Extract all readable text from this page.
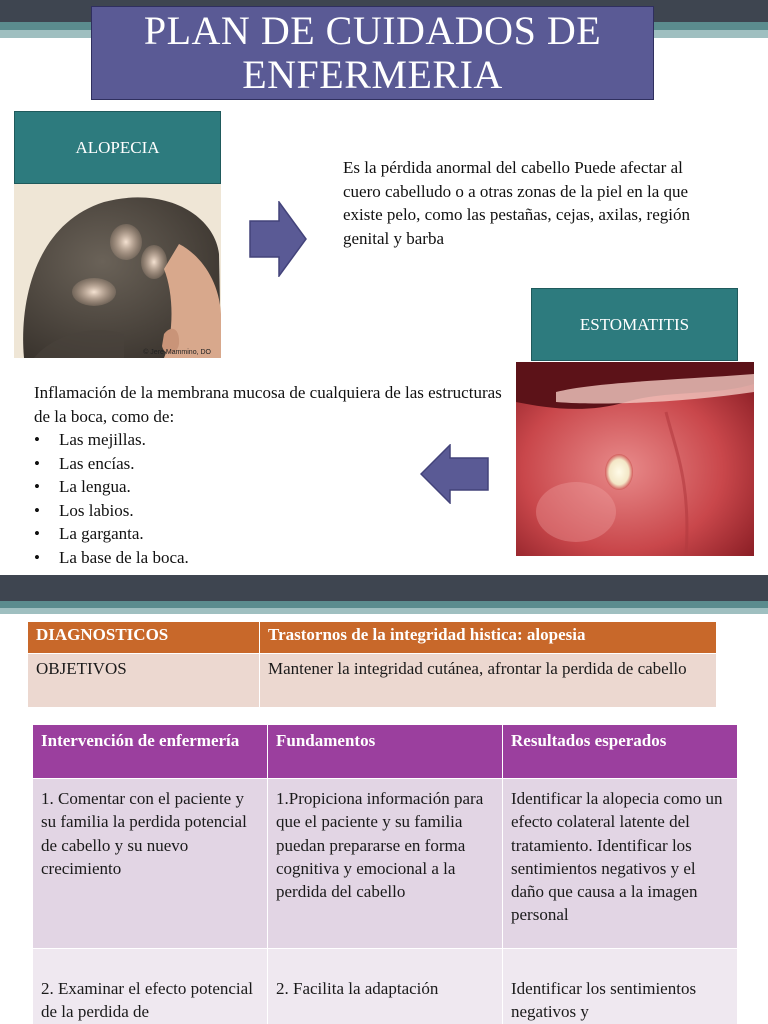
PLAN DE CUIDADOS DE
ENFERMERIA
ALOPECIA
© Jere Mammino, DO
Es la pérdida anormal del cabello Puede afectar al cuero cabelludo o a otras zonas de la piel en la que existe pelo, como las pestañas, cejas, axilas, región genital y barba
ESTOMATITIS
Inflamación de la membrana mucosa de cualquiera de las estructuras de la boca, como de:
• Las mejillas.
• Las encías.
• La lengua.
• Los labios.
• La garganta.
• La base de la boca.
DIAGNOSTICOS	Trastornos de la integridad histica: alopesia
OBJETIVOS	Mantener la integridad cutánea, afrontar la perdida de cabello
Intervención de enfermería	Fundamentos	Resultados esperados
1. Comentar con el paciente y su familia la perdida potencial de cabello y su nuevo crecimiento	1.Propiciona información para que el paciente y su familia puedan prepararse en forma cognitiva y emocional a la perdida del cabello	Identificar la alopecia como un efecto colateral latente del tratamiento. Identificar los sentimientos negativos y el daño que causa a la imagen personal
2. Examinar el efecto potencial de la perdida de	2. Facilita la adaptación	Identificar los sentimientos negativos y
